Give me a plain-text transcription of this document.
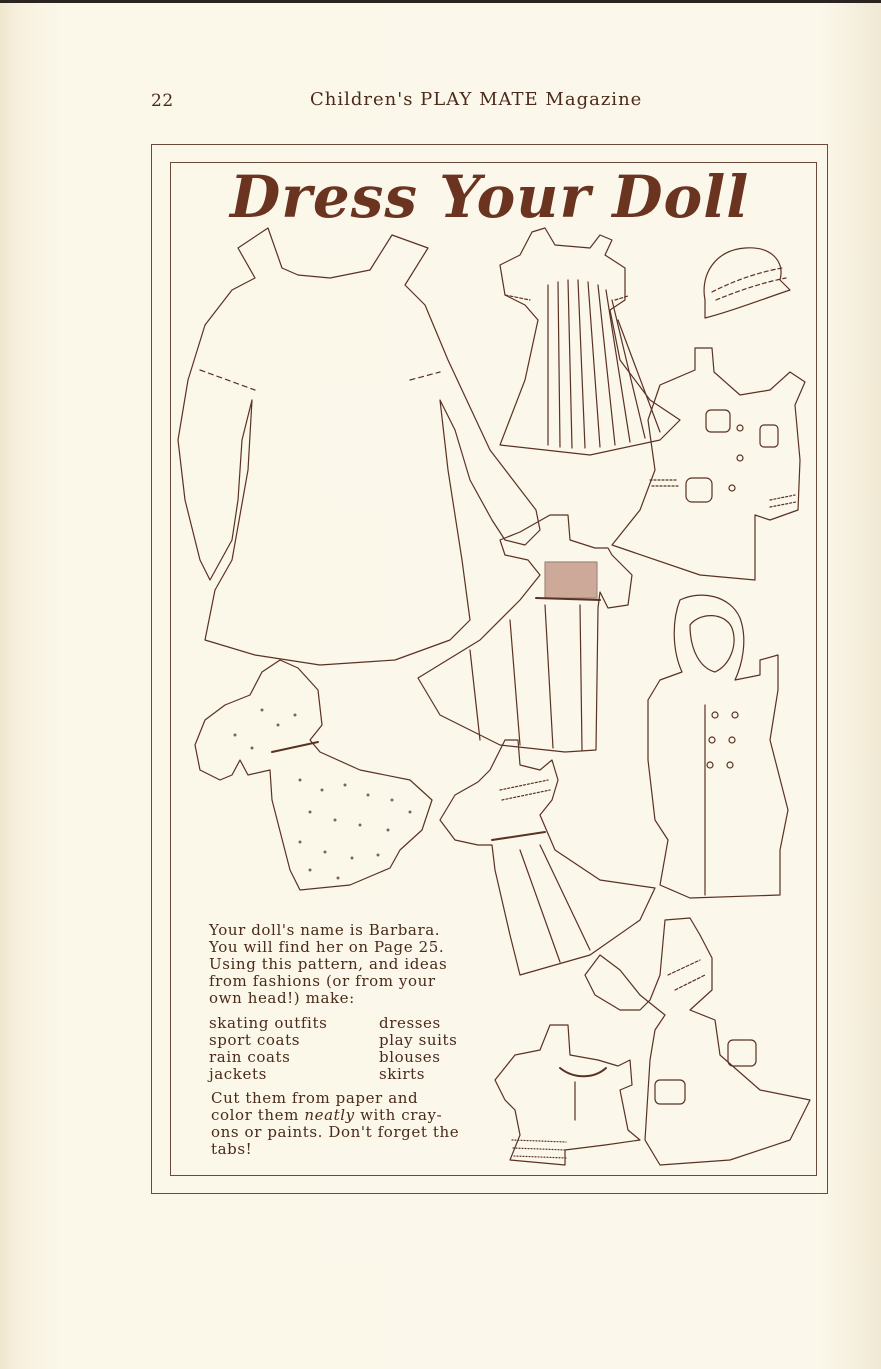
22	Children's PLAY MATE Magazine
Dress Your Doll

Your doll's name is Barbara. You will find her on Page 25. Using this pattern, and ideas from fashions (or from your own head!) make:

skating outfits	dresses
sport coats	play suits
rain coats	blouses
jackets	skirts
Cut them from paper and color them neatly with cray-ons or paints. Don't forget the tabs!
